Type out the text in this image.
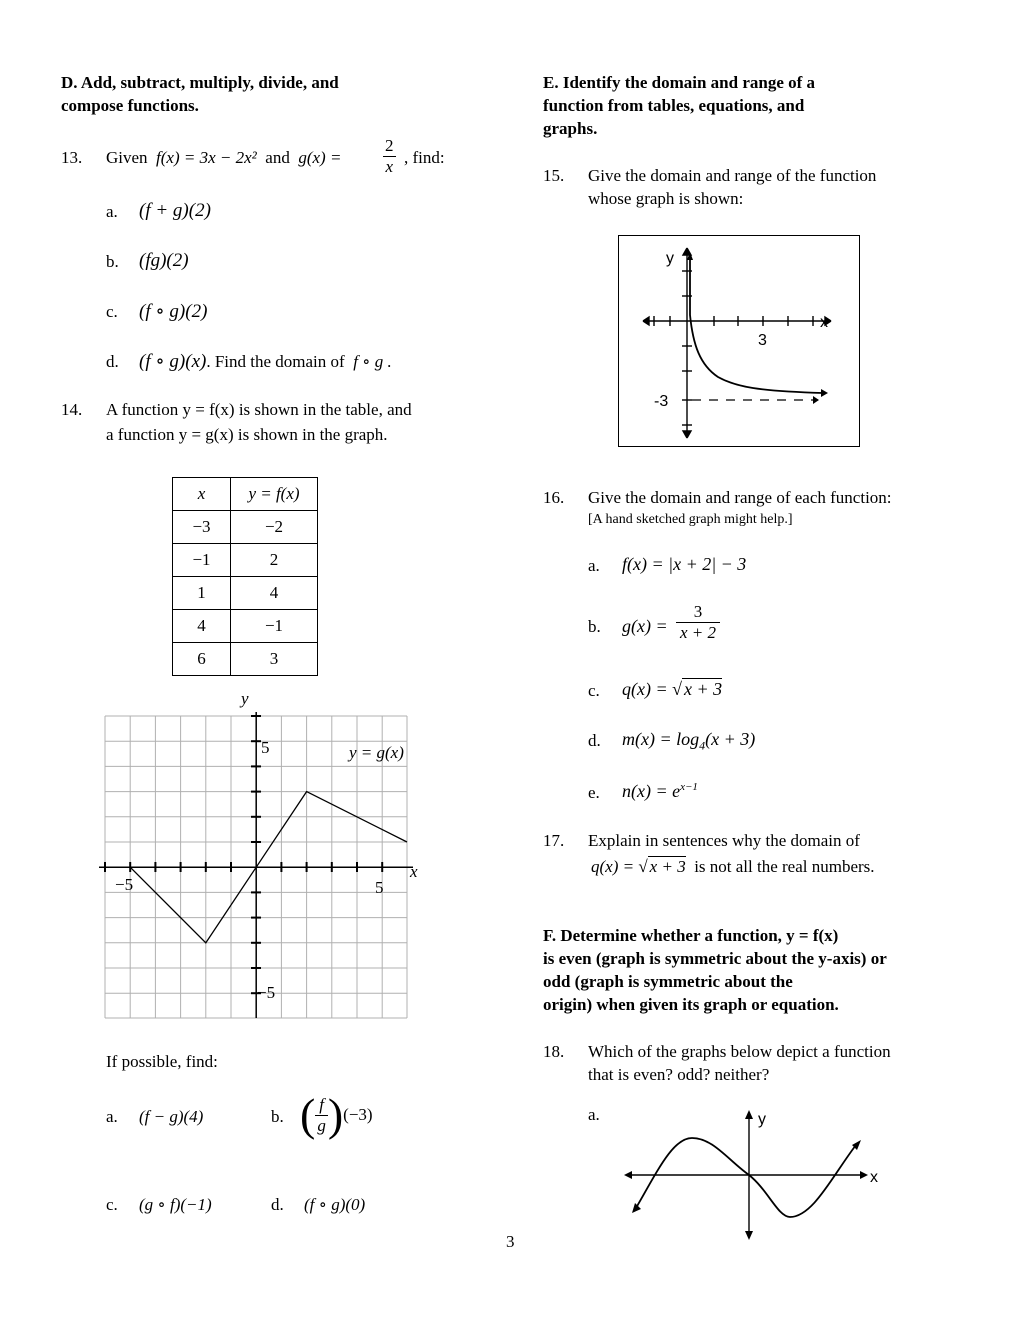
D. Add, subtract, multiply, divide, and
compose functions.
13. Given f(x) = 3x − 2x² and $g(x) = \frac{2}{x}$ , find:
a. (f + g)(2)
b. (fg)(2)
c. (f ∘ g)(2)
d. (f ∘ g)(x). Find the domain of f ∘ g .
14. A function y = f(x) is shown in the table, and
a function y = g(x) is shown in the graph.
x	y = f(x)
−3	−2
−1	2
1	4
4	−1
6	3
y
x
5
−5
5
−5
y = g(x)
If possible, find:
a. (f − g)(4)	b. ( $\frac{f}{g} )(-3)$
c. (g ∘ f)(−1)	d. (f ∘ g)(0)
E. Identify the domain and range of a
function from tables, equations, and
graphs.
15. Give the domain and range of the function
whose graph is shown:
y
x
3
-3
16. Give the domain and range of each function:
[A hand sketched graph might help.]
a. f(x) = |x + 2| − 3
b. $g(x) = \frac{3}{x + 2}$
c. q(x) = √ x + 3
d. $m(x) = \log_4(x + 3)$
e. $n(x) = e^{x-1}$
17. Explain in sentences why the domain of
q(x) = √ x + 3 is not all the real numbers.
F. Determine whether a function, y = f(x)
is even (graph is symmetric about the y-axis) or
odd (graph is symmetric about the
origin) when given its graph or equation.
18. Which of the graphs below depict a function
that is even? odd? neither?
a.	y
x
3
